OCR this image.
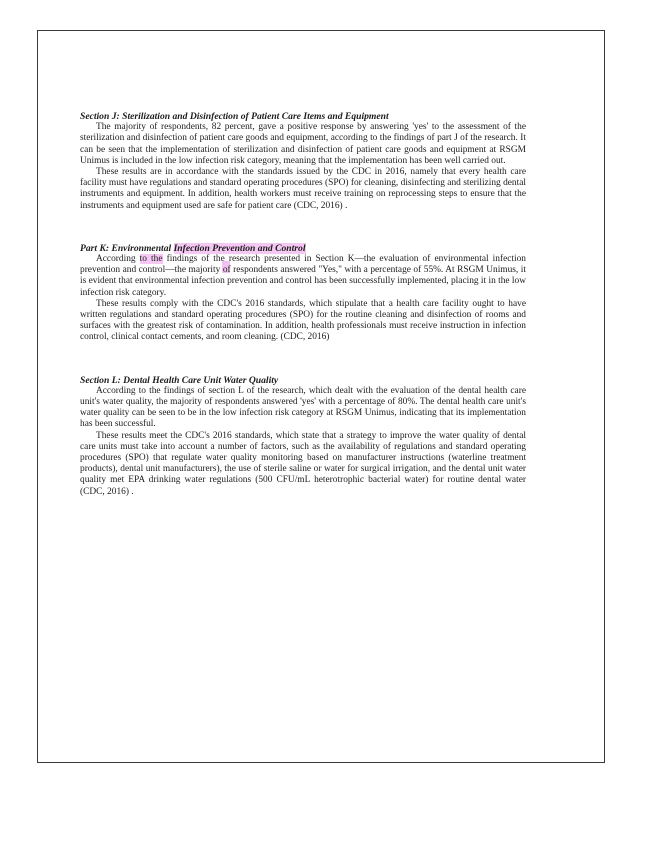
Section J: Sterilization and Disinfection of Patient Care Items and Equipment

The majority of respondents, 82 percent, gave a positive response by answering 'yes' to the assessment of the sterilization and disinfection of patient care goods and equipment, according to the findings of part J of the research. It can be seen that the implementation of sterilization and disinfection of patient care goods and equipment at RSGM Unimus is included in the low infection risk category, meaning that the implementation has been well carried out.

These results are in accordance with the standards issued by the CDC in 2016, namely that every health care facility must have regulations and standard operating procedures (SPO) for cleaning, disinfecting and sterilizing dental instruments and equipment. In addition, health workers must receive training on reprocessing steps to ensure that the instruments and equipment used are safe for patient care (CDC, 2016) .

Part K: Environmental Infection Prevention and Control

According to the findings of the research presented in Section K—the evaluation of environmental infection prevention and control—the majority of respondents answered "Yes," with a percentage of 55%. At RSGM Unimus, it is evident that environmental infection prevention and control has been successfully implemented, placing it in the low infection risk category.

These results comply with the CDC's 2016 standards, which stipulate that a health care facility ought to have written regulations and standard operating procedures (SPO) for the routine cleaning and disinfection of rooms and surfaces with the greatest risk of contamination. In addition, health professionals must receive instruction in infection control, clinical contact cements, and room cleaning. (CDC, 2016)

Section L: Dental Health Care Unit Water Quality

According to the findings of section L of the research, which dealt with the evaluation of the dental health care unit's water quality, the majority of respondents answered 'yes' with a percentage of 80%. The dental health care unit's water quality can be seen to be in the low infection risk category at RSGM Unimus, indicating that its implementation has been successful.

These results meet the CDC's 2016 standards, which state that a strategy to improve the water quality of dental care units must take into account a number of factors, such as the availability of regulations and standard operating procedures (SPO) that regulate water quality monitoring based on manufacturer instructions (waterline treatment products), dental unit manufacturers), the use of sterile saline or water for surgical irrigation, and the dental unit water quality met EPA drinking water regulations (500 CFU/mL heterotrophic bacterial water) for routine dental water (CDC, 2016) .
